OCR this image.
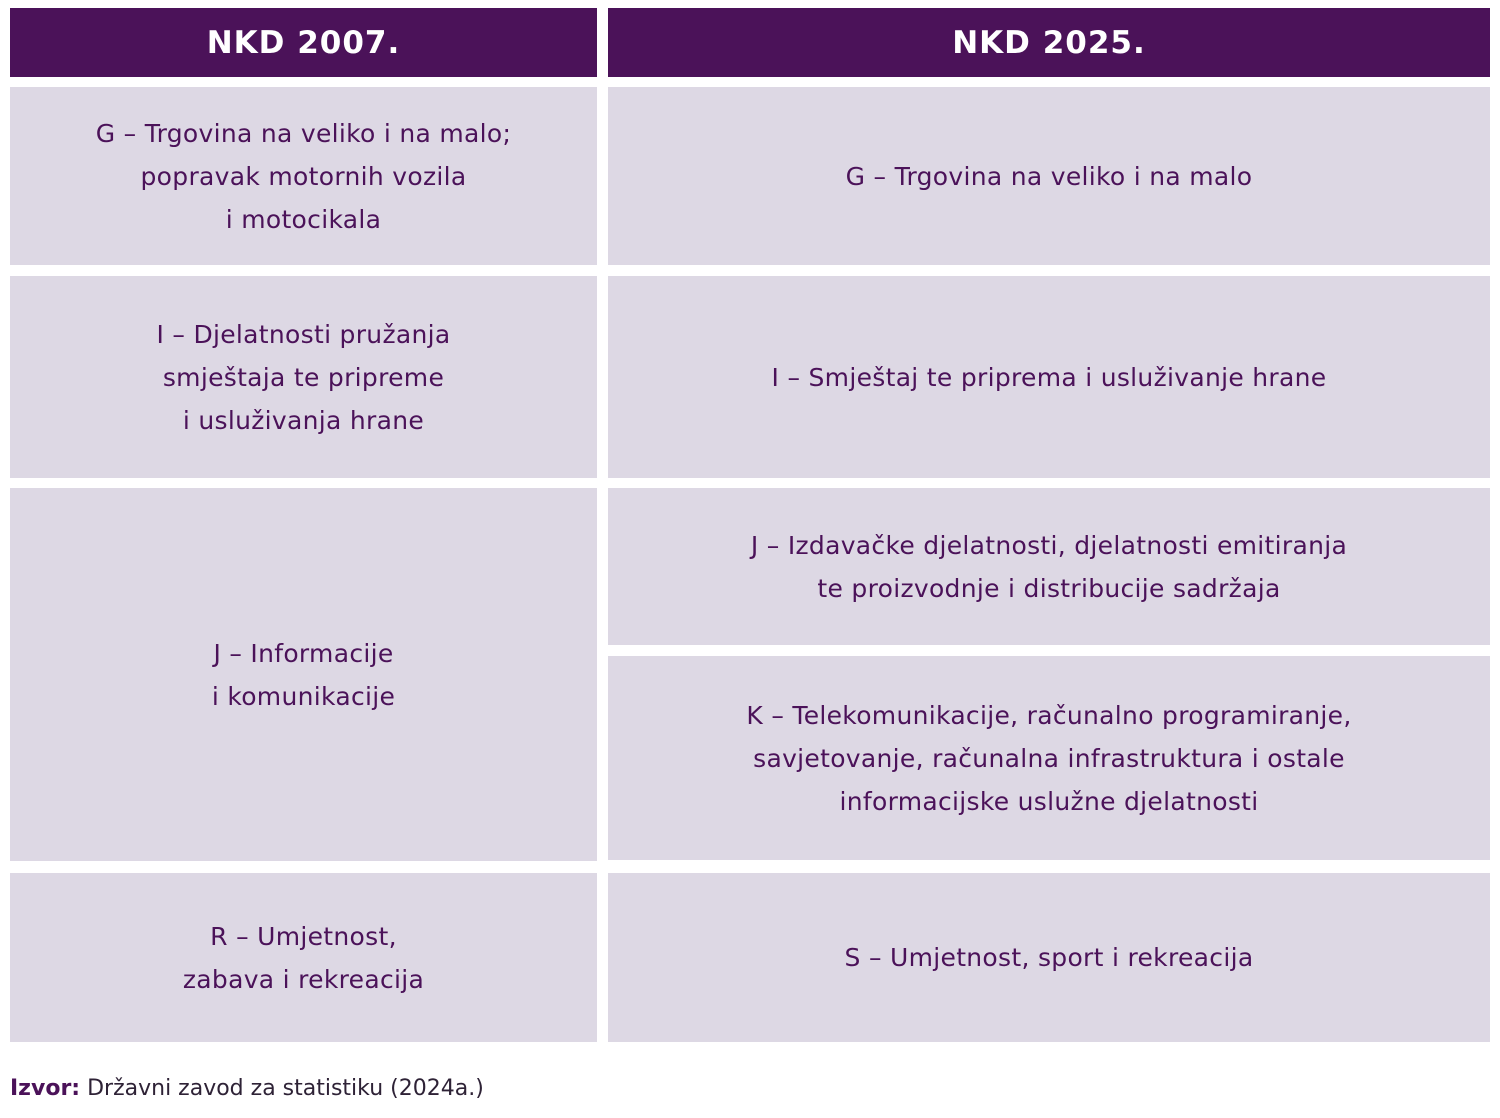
NKD 2007.	NKD 2025.
G – Trgovina na veliko i na malo;
popravak motornih vozila
i motocikala
I – Djelatnosti pružanja
smještaja te pripreme
i usluživanja hrane
J – Informacije
i komunikacije
R – Umjetnost,
zabava i rekreacija
G – Trgovina na veliko i na malo
I – Smještaj te priprema i usluživanje hrane
J – Izdavačke djelatnosti, djelatnosti emitiranja
te proizvodnje i distribucije sadržaja
K – Telekomunikacije, računalno programiranje,
savjetovanje, računalna infrastruktura i ostale
informacijske uslužne djelatnosti
S – Umjetnost, sport i rekreacija
Izvor: Državni zavod za statistiku (2024a.)
